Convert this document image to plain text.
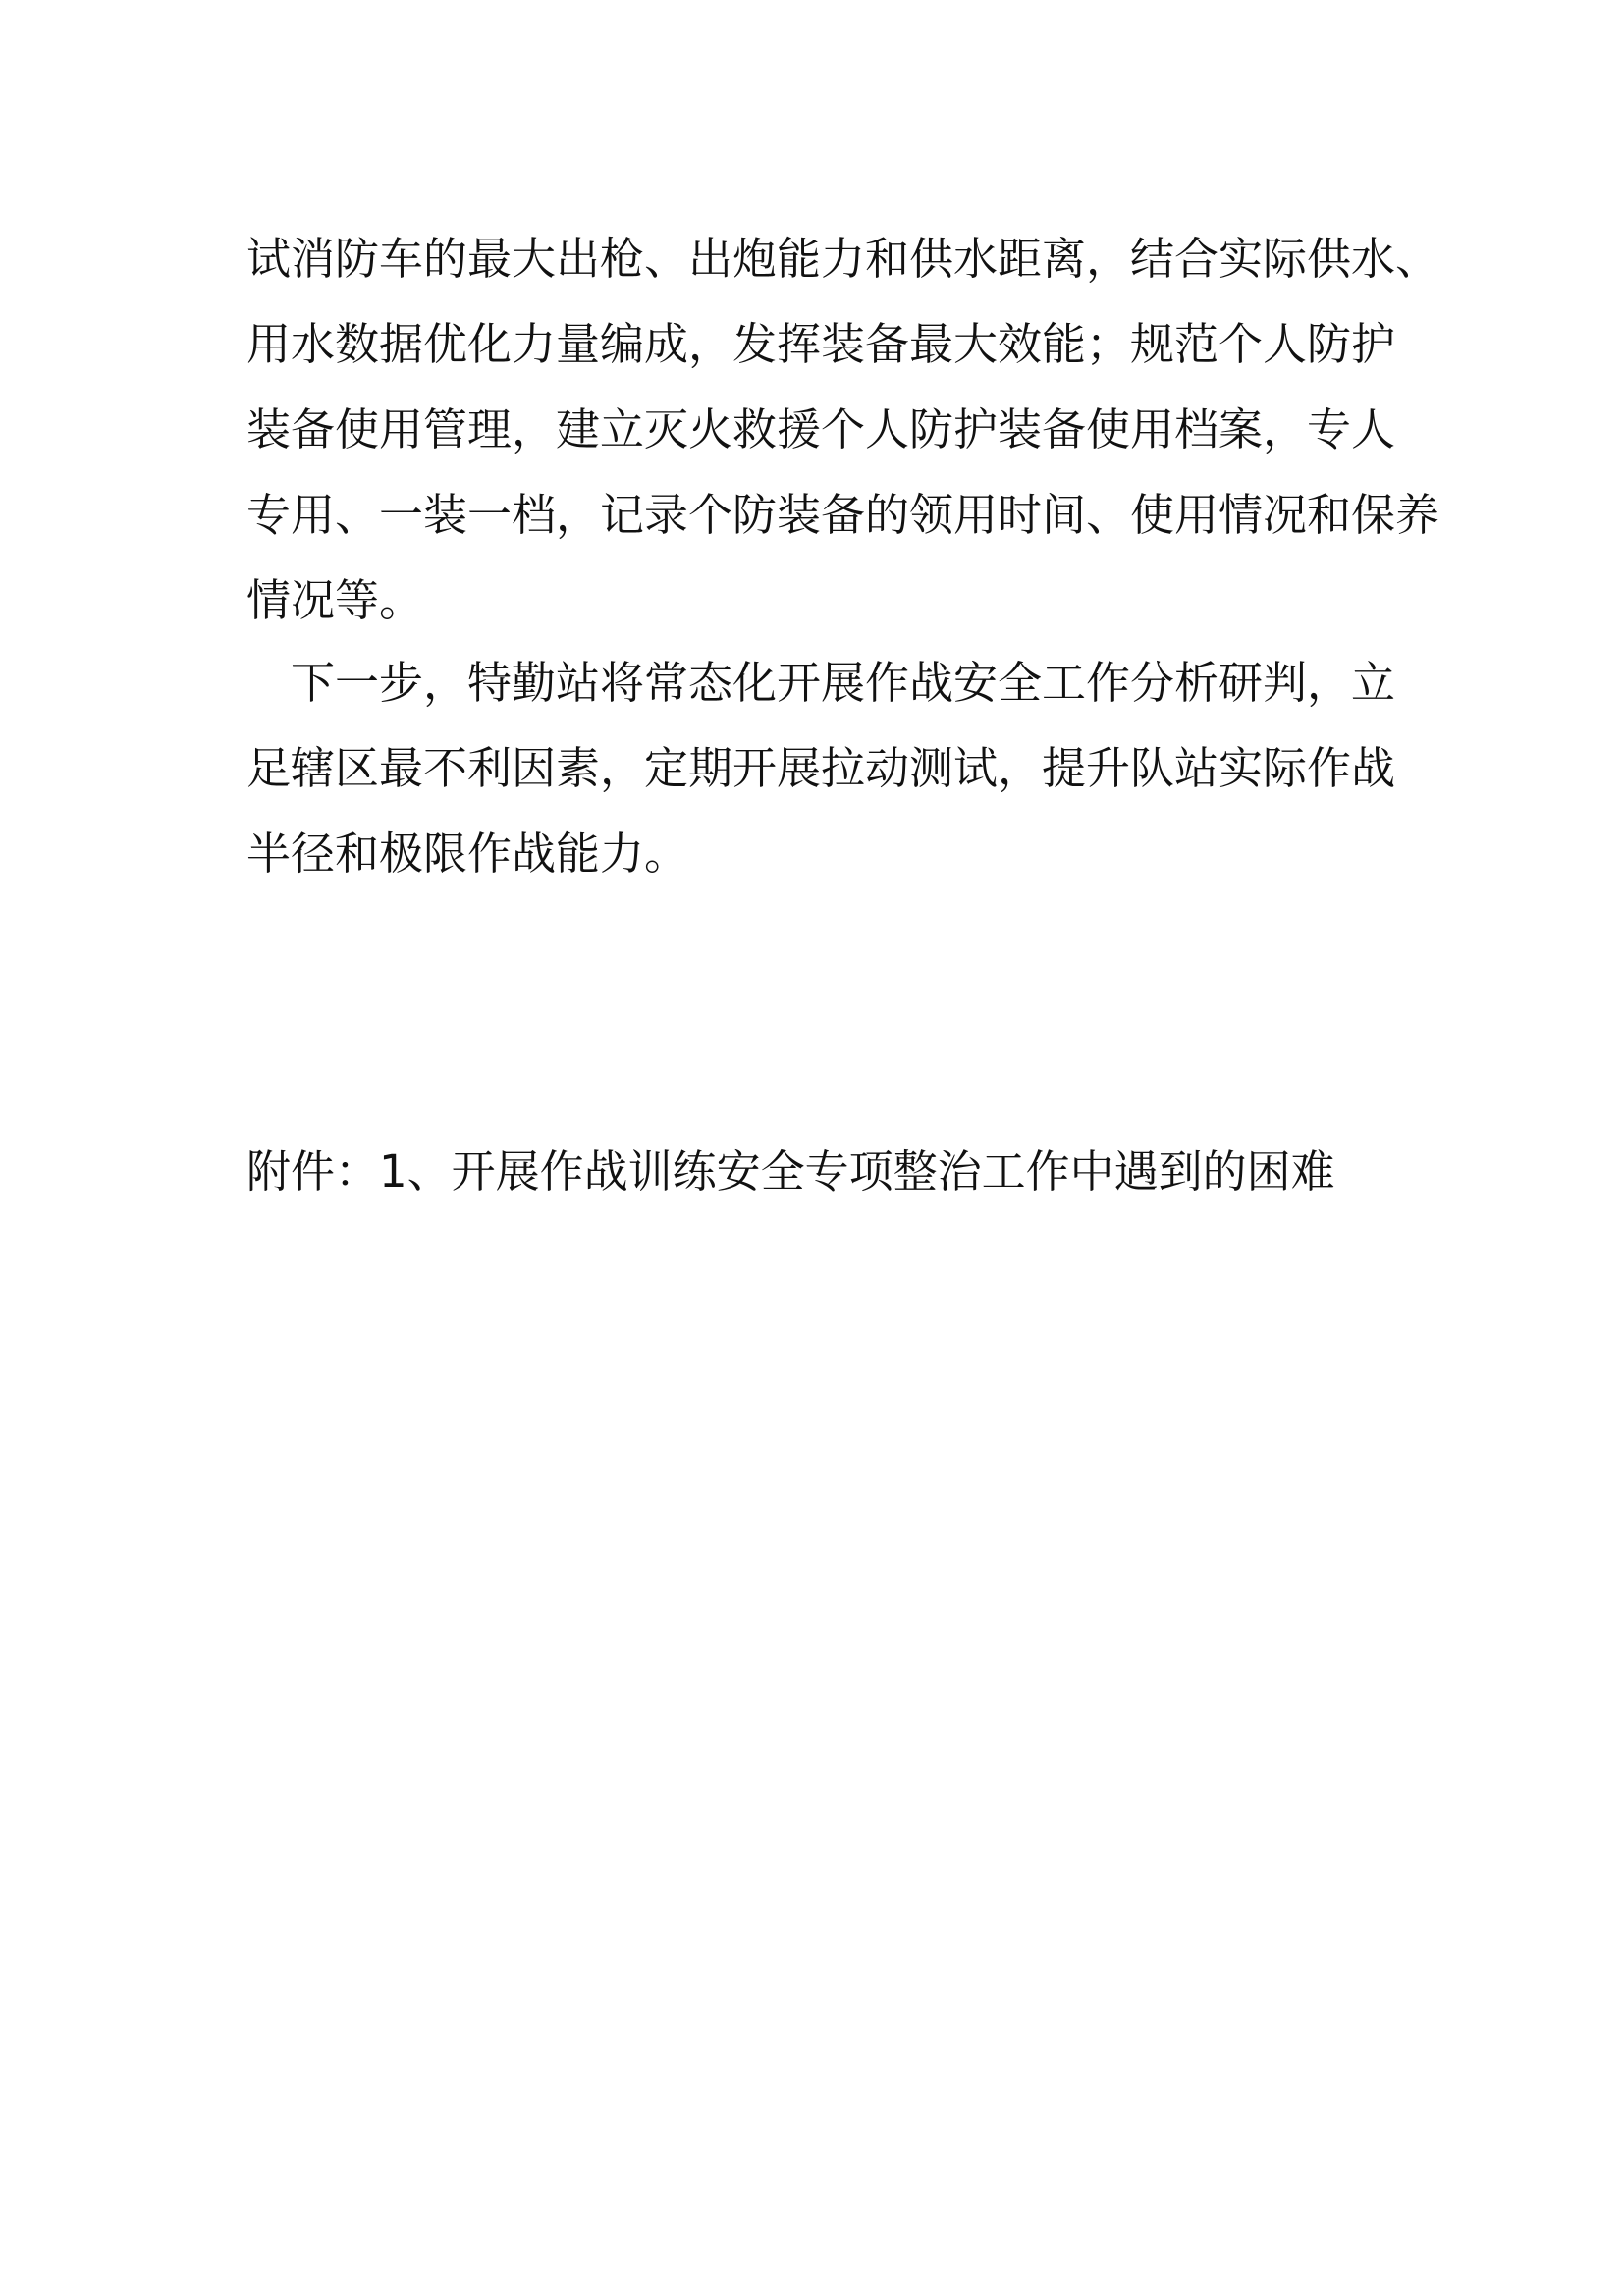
试消防车的最大出枪、出炮能力和供水距离，结合实际供水、
用水数据优化力量编成，发挥装备最大效能；规范个人防护
装备使用管理，建立灭火救援个人防护装备使用档案，专人
专用、一装一档，记录个防装备的领用时间、使用情况和保养
情况等。
下一步，特勤站将常态化开展作战安全工作分析研判，立
足辖区最不利因素，定期开展拉动测试，提升队站实际作战
半径和极限作战能力。
附件：1、开展作战训练安全专项整治工作中遇到的困难
